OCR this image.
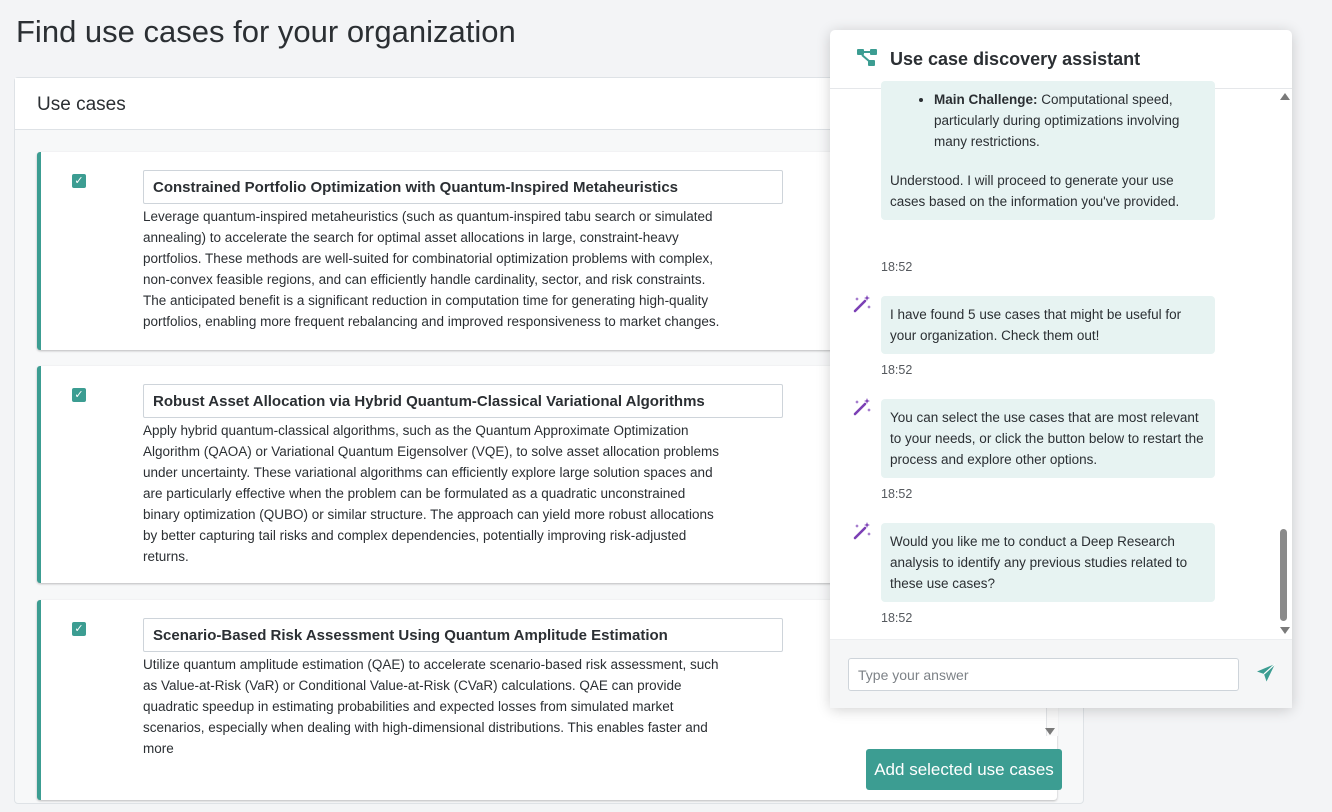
Find use cases for your organization
Use cases
✓	Constrained Portfolio Optimization with Quantum-Inspired Metaheuristics
Leverage quantum-inspired metaheuristics (such as quantum-inspired tabu search or simulated annealing) to accelerate the search for optimal asset allocations in large, constraint-heavy portfolios. These methods are well-suited for combinatorial optimization problems with complex, non-convex feasible regions, and can efficiently handle cardinality, sector, and risk constraints. The anticipated benefit is a significant reduction in computation time for generating high-quality portfolios, enabling more frequent rebalancing and improved responsiveness to market changes.
✓	Robust Asset Allocation via Hybrid Quantum-Classical Variational Algorithms
Apply hybrid quantum-classical algorithms, such as the Quantum Approximate Optimization Algorithm (QAOA) or Variational Quantum Eigensolver (VQE), to solve asset allocation problems under uncertainty. These variational algorithms can efficiently explore large solution spaces and are particularly effective when the problem can be formulated as a quadratic unconstrained binary optimization (QUBO) or similar structure. The approach can yield more robust allocations by better capturing tail risks and complex dependencies, potentially improving risk-adjusted returns.
✓	Scenario-Based Risk Assessment Using Quantum Amplitude Estimation
Utilize quantum amplitude estimation (QAE) to accelerate scenario-based risk assessment, such as Value-at-Risk (VaR) or Conditional Value-at-Risk (CVaR) calculations. QAE can provide quadratic speedup in estimating probabilities and expected losses from simulated market scenarios, especially when dealing with high-dimensional distributions. This enables faster and more
Add selected use cases
Use case discovery assistant
• Main Challenge: Computational speed, particularly during optimizations involving many restrictions.
Understood. I will proceed to generate your use cases based on the information you've provided.
18:52
I have found 5 use cases that might be useful for your organization. Check them out!
18:52
You can select the use cases that are most relevant to your needs, or click the button below to restart the process and explore other options.
18:52
Would you like me to conduct a Deep Research analysis to identify any previous studies related to these use cases?
18:52
Type your answer
